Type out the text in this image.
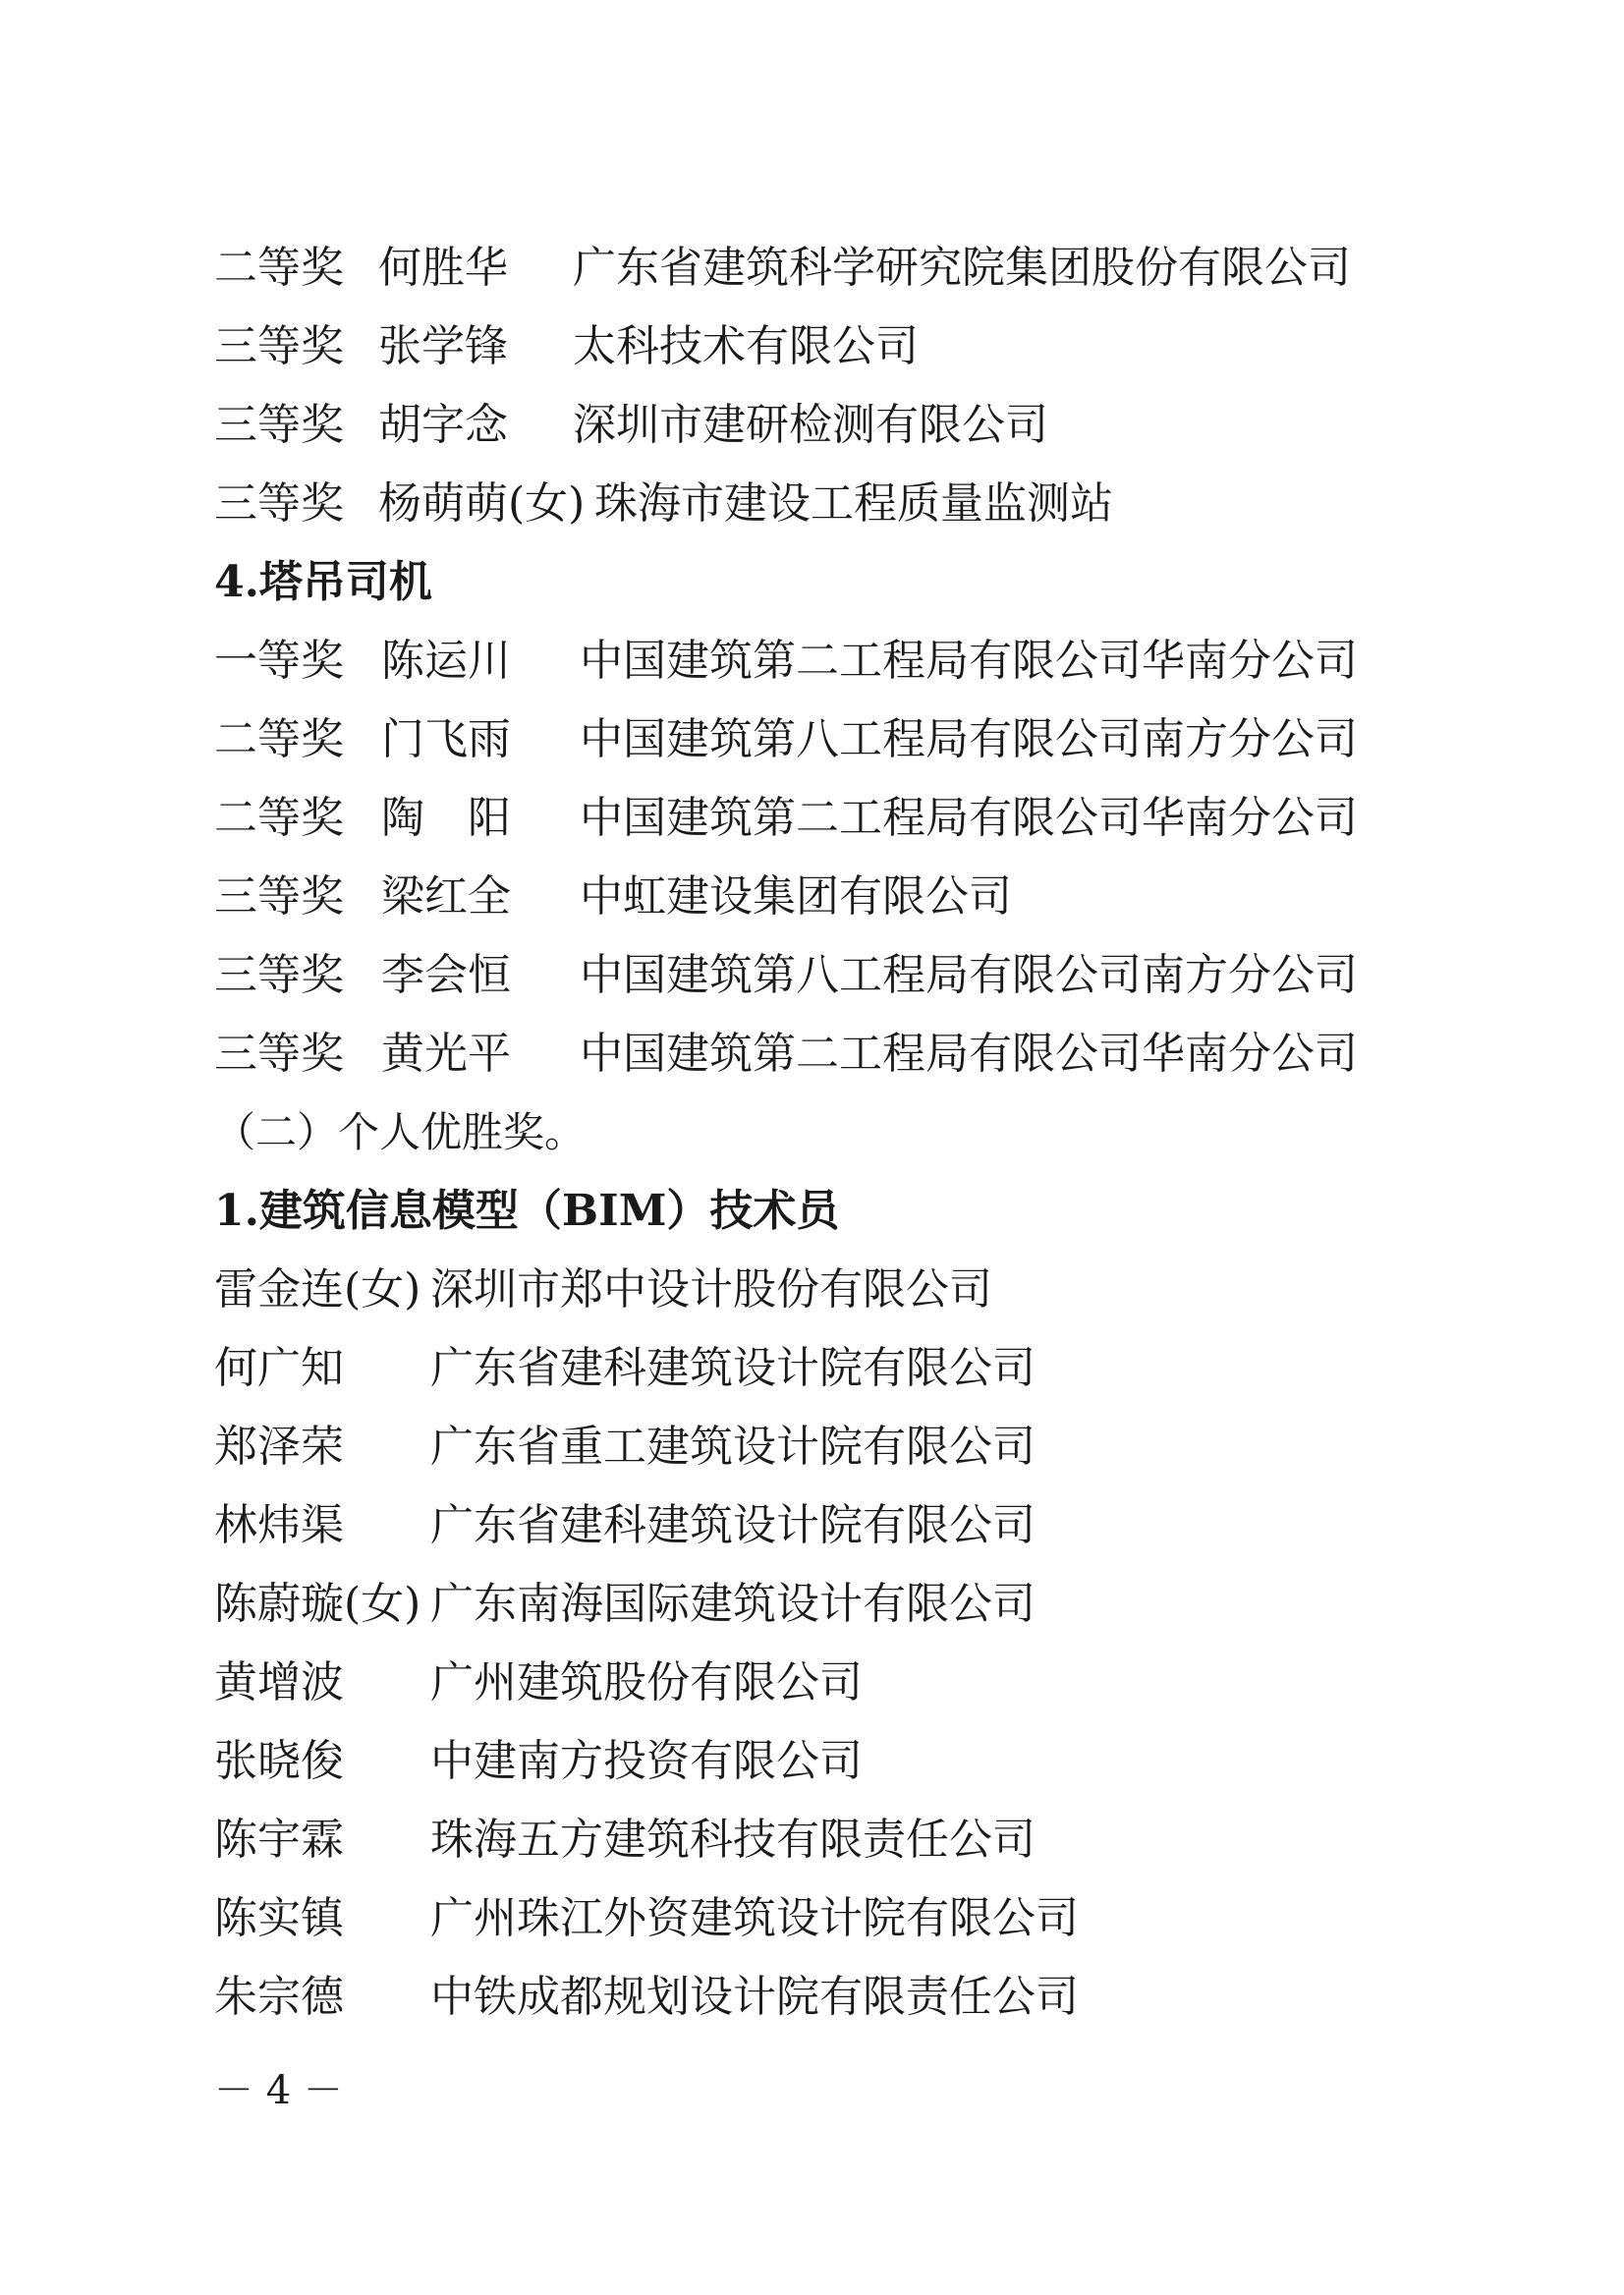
二等奖 何胜华 广东省建筑科学研究院集团股份有限公司
三等奖 张学锋 太科技术有限公司
三等奖 胡字念 深圳市建研检测有限公司
三等奖 杨萌萌(女) 珠海市建设工程质量监测站
4.塔吊司机
一等奖 陈运川 中国建筑第二工程局有限公司华南分公司
二等奖 门飞雨 中国建筑第八工程局有限公司南方分公司
二等奖 陶　阳 中国建筑第二工程局有限公司华南分公司
三等奖 梁红全 中虹建设集团有限公司
三等奖 李会恒 中国建筑第八工程局有限公司南方分公司
三等奖 黄光平 中国建筑第二工程局有限公司华南分公司
（二）个人优胜奖。
1.建筑信息模型（BIM）技术员
雷金连(女) 深圳市郑中设计股份有限公司
何广知 广东省建科建筑设计院有限公司
郑泽荣 广东省重工建筑设计院有限公司
林炜渠 广东省建科建筑设计院有限公司
陈蔚璇(女) 广东南海国际建筑设计有限公司
黄增波 广州建筑股份有限公司
张晓俊 中建南方投资有限公司
陈宇霖 珠海五方建筑科技有限责任公司
陈实镇 广州珠江外资建筑设计院有限公司
朱宗德 中铁成都规划设计院有限责任公司
－ 4 －
